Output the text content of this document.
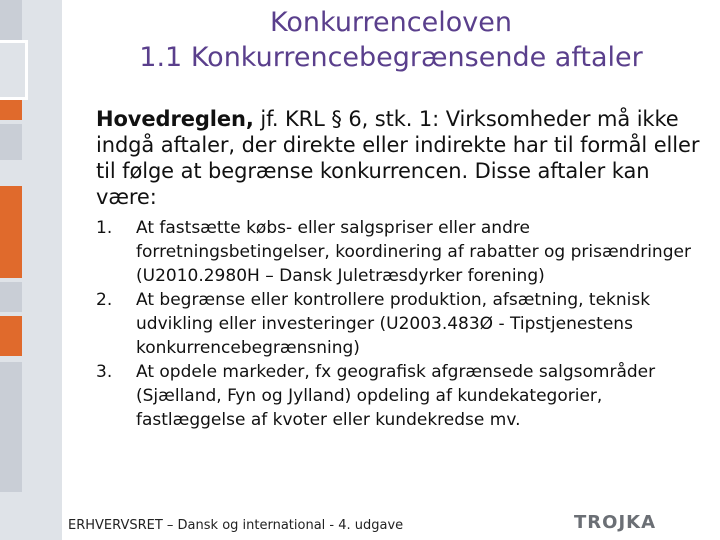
Konkurrenceloven
1.1 Konkurrencebegrænsende aftaler

Hovedreglen, jf. KRL § 6, stk. 1: Virksomheder må ikke indgå aftaler, der direkte eller indirekte har til formål eller til følge at begrænse konkurrencen. Disse aftaler kan være:

1. At fastsætte købs- eller salgspriser eller andre forretningsbetingelser, koordinering af rabatter og prisændringer (U2010.2980H – Dansk Juletræsdyrker forening)
2. At begrænse eller kontrollere produktion, afsætning, teknisk udvikling eller investeringer (U2003.483Ø - Tipstjenestens konkurrencebegrænsning)
3. At opdele markeder, fx geografisk afgrænsede salgsområder (Sjælland, Fyn og Jylland) opdeling af kundekategorier, fastlæggelse af kvoter eller kundekredse mv.
ERHVERVSRET – Dansk og international - 4. udgave	TROJKA
